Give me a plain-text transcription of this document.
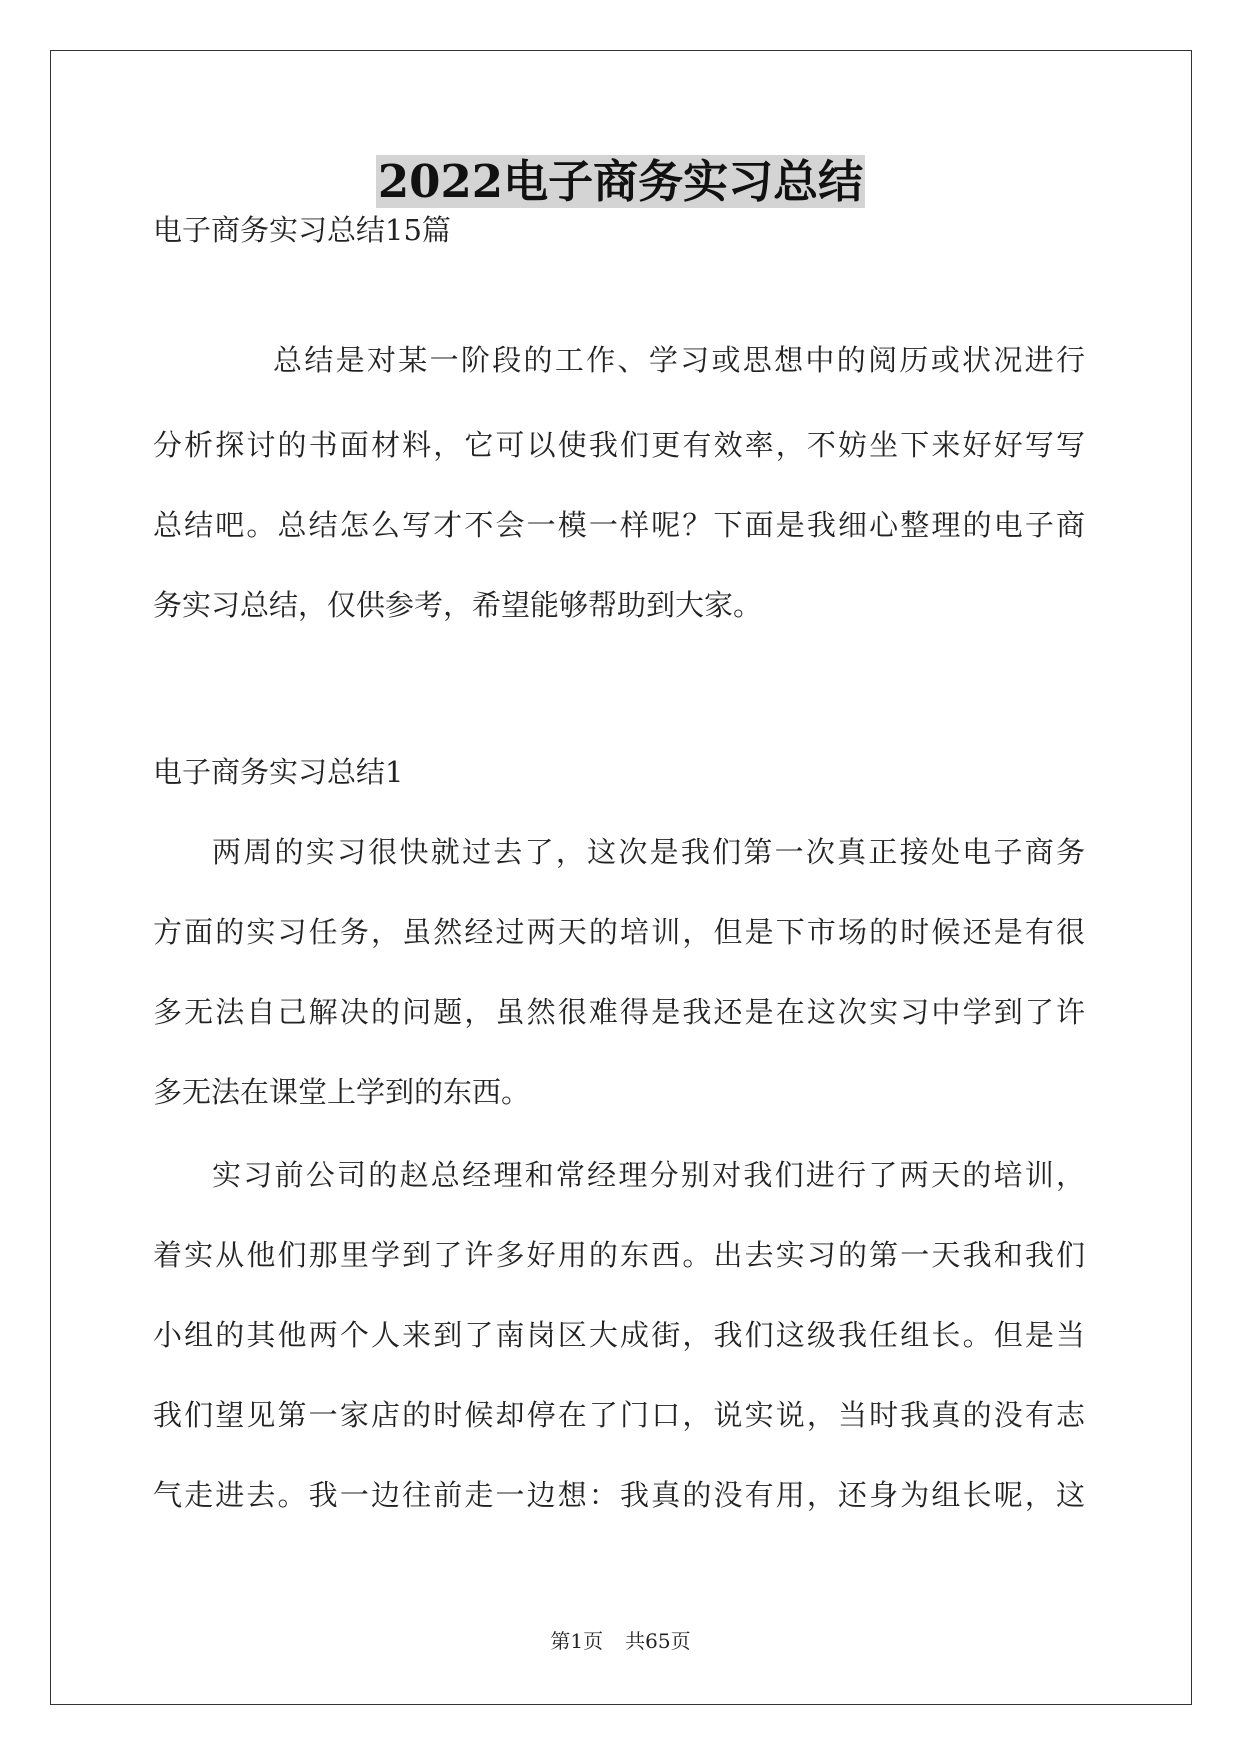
2022电子商务实习总结
电子商务实习总结15篇
总结是对某一阶段的工作、学习或思想中的阅历或状况进行
分析探讨的书面材料，它可以使我们更有效率，不妨坐下来好好写写
总结吧。总结怎么写才不会一模一样呢？下面是我细心整理的电子商
务实习总结，仅供参考，希望能够帮助到大家。
电子商务实习总结1
两周的实习很快就过去了，这次是我们第一次真正接处电子商务
方面的实习任务，虽然经过两天的培训，但是下市场的时候还是有很
多无法自己解决的问题，虽然很难得是我还是在这次实习中学到了许
多无法在课堂上学到的东西。
实习前公司的赵总经理和常经理分别对我们进行了两天的培训，
着实从他们那里学到了许多好用的东西。出去实习的第一天我和我们
小组的其他两个人来到了南岗区大成街，我们这级我任组长。但是当
我们望见第一家店的时候却停在了门口，说实说，当时我真的没有志
气走进去。我一边往前走一边想：我真的没有用，还身为组长呢，这
第1页 共65页
